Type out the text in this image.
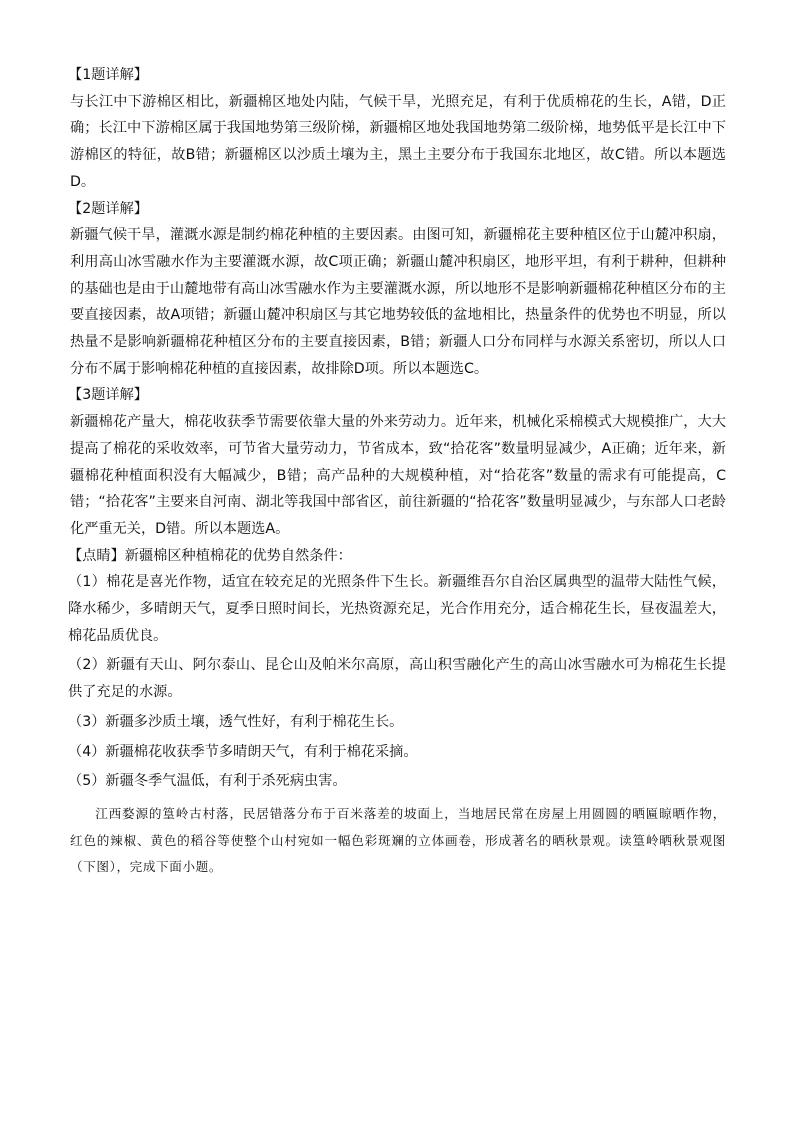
【1题详解】

与长江中下游棉区相比，新疆棉区地处内陆，气候干旱，光照充足，有利于优质棉花的生长，A错，D正确；长江中下游棉区属于我国地势第三级阶梯，新疆棉区地处我国地势第二级阶梯，地势低平是长江中下游棉区的特征，故B错；新疆棉区以沙质土壤为主，黑土主要分布于我国东北地区，故C错。所以本题选D。

【2题详解】

新疆气候干旱，灌溉水源是制约棉花种植的主要因素。由图可知，新疆棉花主要种植区位于山麓冲积扇，利用高山冰雪融水作为主要灌溉水源，故C项正确；新疆山麓冲积扇区，地形平坦，有利于耕种，但耕种的基础也是由于山麓地带有高山冰雪融水作为主要灌溉水源，所以地形不是影响新疆棉花种植区分布的主要直接因素，故A项错；新疆山麓冲积扇区与其它地势较低的盆地相比，热量条件的优势也不明显，所以热量不是影响新疆棉花种植区分布的主要直接因素，B错；新疆人口分布同样与水源关系密切，所以人口分布不属于影响棉花种植的直接因素，故排除D项。所以本题选C。

【3题详解】

新疆棉花产量大，棉花收获季节需要依靠大量的外来劳动力。近年来，机械化采棉模式大规模推广，大大提高了棉花的采收效率，可节省大量劳动力，节省成本，致“拾花客”数量明显减少，A正确；近年来，新疆棉花种植面积没有大幅减少，B错；高产品种的大规模种植，对“拾花客”数量的需求有可能提高，C错；“拾花客”主要来自河南、湖北等我国中部省区，前往新疆的“拾花客”数量明显减少，与东部人口老龄化严重无关，D错。所以本题选A。

【点睛】新疆棉区种植棉花的优势自然条件：

（1）棉花是喜光作物，适宜在较充足的光照条件下生长。新疆维吾尔自治区属典型的温带大陆性气候，降水稀少，多晴朗天气，夏季日照时间长，光热资源充足，光合作用充分，适合棉花生长，昼夜温差大，棉花品质优良。

（2）新疆有天山、阿尔泰山、昆仑山及帕米尔高原，高山积雪融化产生的高山冰雪融水可为棉花生长提供了充足的水源。

（3）新疆多沙质土壤，透气性好，有利于棉花生长。

（4）新疆棉花收获季节多晴朗天气，有利于棉花采摘。

（5）新疆冬季气温低，有利于杀死病虫害。

江西婺源的篁岭古村落，民居错落分布于百米落差的坡面上，当地居民常在房屋上用圆圆的晒匾晾晒作物，红色的辣椒、黄色的稻谷等使整个山村宛如一幅色彩斑斓的立体画卷，形成著名的晒秋景观。读篁岭晒秋景观图（下图），完成下面小题。
